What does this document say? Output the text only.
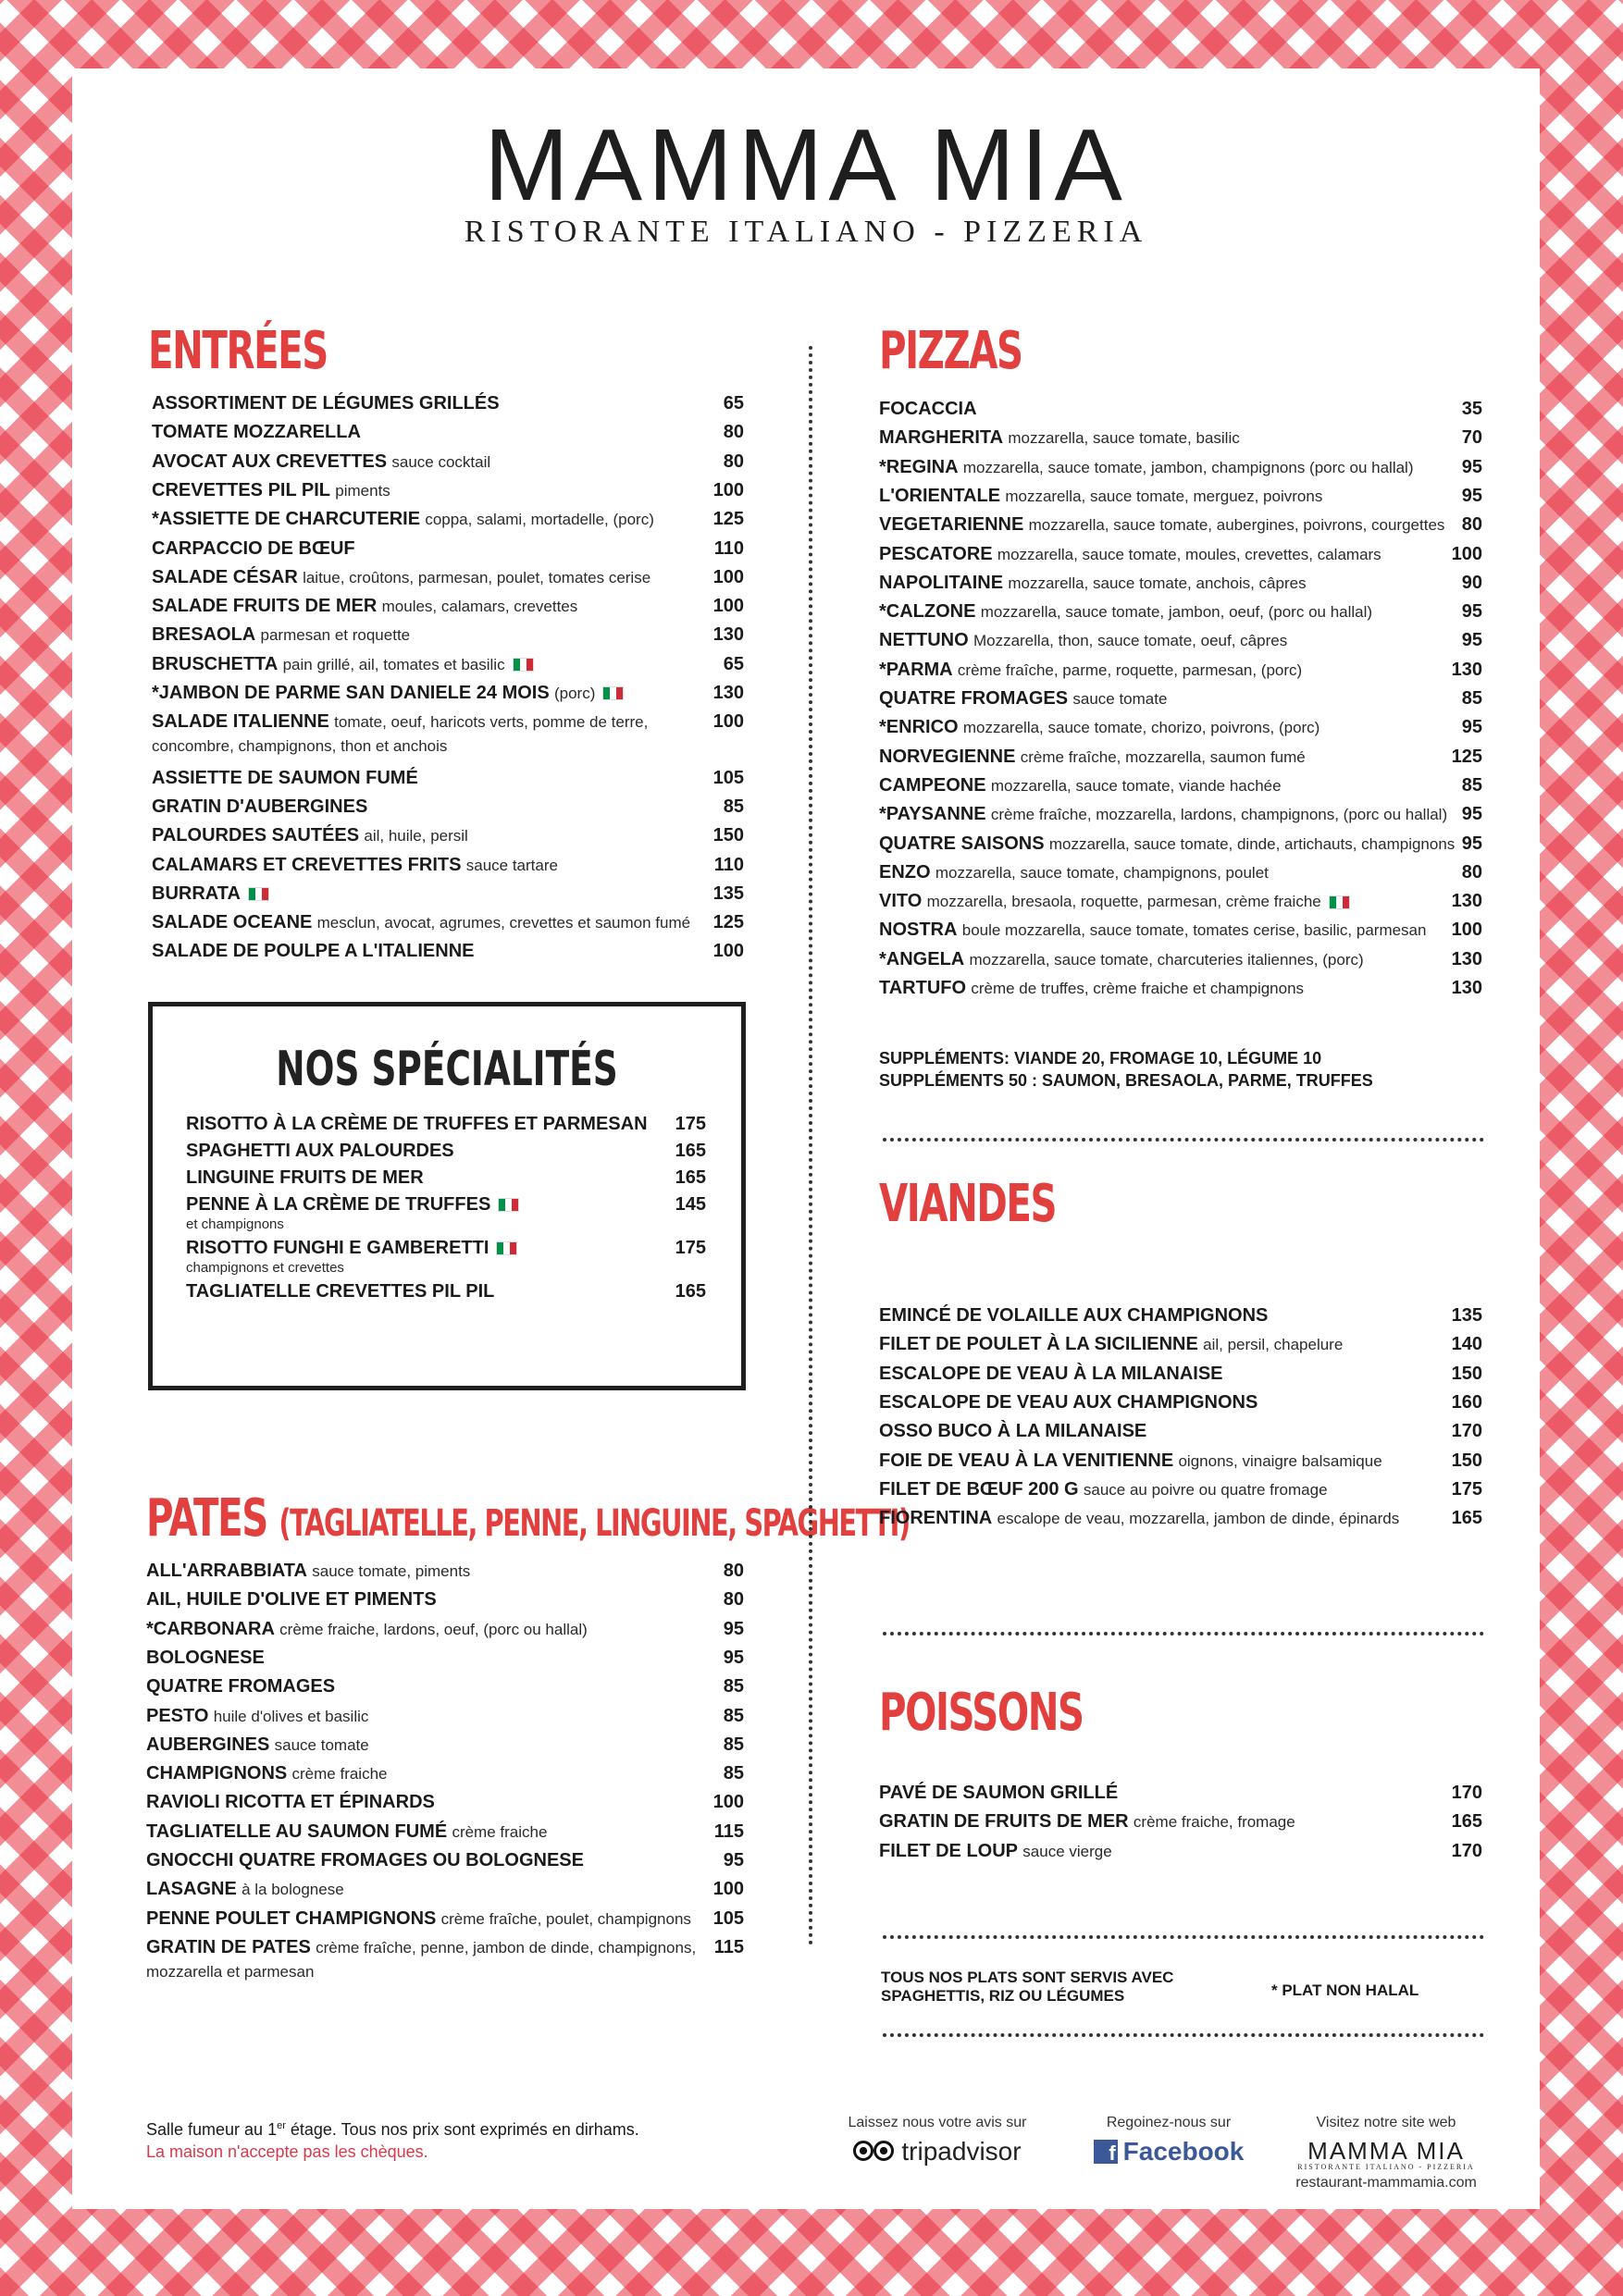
MAMMA MIA
RISTORANTE ITALIANO - PIZZERIA
ENTRÉES
ASSORTIMENT DE LÉGUMES GRILLÉS	65
TOMATE MOZZARELLA	80
AVOCAT AUX CREVETTES sauce cocktail	80
CREVETTES PIL PIL piments	100
*ASSIETTE DE CHARCUTERIE coppa, salami, mortadelle, (porc)	125
CARPACCIO DE BŒUF	110
SALADE CÉSAR laitue, croûtons, parmesan, poulet, tomates cerise	100
SALADE FRUITS DE MER moules, calamars, crevettes	100
BRESAOLA parmesan et roquette	130
BRUSCHETTA pain grillé, ail, tomates et basilic	65
*JAMBON DE PARME SAN DANIELE 24 MOIS (porc)	130
SALADE ITALIENNE tomate, oeuf, haricots verts, pomme de terre,	100
concombre, champignons, thon et anchois
ASSIETTE DE SAUMON FUMÉ	105
GRATIN D'AUBERGINES	85
PALOURDES SAUTÉES ail, huile, persil	150
CALAMARS ET CREVETTES FRITS sauce tartare	110
BURRATA	135
SALADE OCEANE mesclun, avocat, agrumes, crevettes et saumon fumé 125
SALADE DE POULPE A L'ITALIENNE	100
NOS SPÉCIALITÉS
RISOTTO À LA CRÈME DE TRUFFES ET PARMESAN 175
SPAGHETTI AUX PALOURDES	165
LINGUINE FRUITS DE MER	165
PENNE À LA CRÈME DE TRUFFES	145
et champignons
RISOTTO FUNGHI E GAMBERETTI	175
champignons et crevettes
TAGLIATELLE CREVETTES PIL PIL	165
PATES (TAGLIATELLE, PENNE, LINGUINE, SPAGHETTI)
ALL'ARRABBIATA sauce tomate, piments	80
AIL, HUILE D'OLIVE ET PIMENTS	80
*CARBONARA crème fraiche, lardons, oeuf, (porc ou hallal)	95
BOLOGNESE	95
QUATRE FROMAGES	85
PESTO huile d'olives et basilic	85
AUBERGINES sauce tomate	85
CHAMPIGNONS crème fraiche	85
RAVIOLI RICOTTA ET ÉPINARDS	100
TAGLIATELLE AU SAUMON FUMÉ crème fraiche	115
GNOCCHI QUATRE FROMAGES OU BOLOGNESE	95
LASAGNE à la bolognese	100
PENNE POULET CHAMPIGNONS crème fraîche, poulet, champignons 105
GRATIN DE PATES crème fraîche, penne, jambon de dinde, champignons, 115
mozzarella et parmesan
PIZZAS
FOCACCIA	35
MARGHERITA mozzarella, sauce tomate, basilic	70
*REGINA mozzarella, sauce tomate, jambon, champignons (porc ou hallal)	95
L'ORIENTALE mozzarella, sauce tomate, merguez, poivrons	95
VEGETARIENNE mozzarella, sauce tomate, aubergines, poivrons, courgettes 80
PESCATORE mozzarella, sauce tomate, moules, crevettes, calamars	100
NAPOLITAINE mozzarella, sauce tomate, anchois, câpres	90
*CALZONE mozzarella, sauce tomate, jambon, oeuf, (porc ou hallal)	95
NETTUNO Mozzarella, thon, sauce tomate, oeuf, câpres	95
*PARMA crème fraîche, parme, roquette, parmesan, (porc)	130
QUATRE FROMAGES sauce tomate	85
*ENRICO mozzarella, sauce tomate, chorizo, poivrons, (porc)	95
NORVEGIENNE crème fraîche, mozzarella, saumon fumé	125
CAMPEONE mozzarella, sauce tomate, viande hachée	85
*PAYSANNE crème fraîche, mozzarella, lardons, champignons, (porc ou hallal) 95
QUATRE SAISONS mozzarella, sauce tomate, dinde, artichauts, champignons 95
ENZO mozzarella, sauce tomate, champignons, poulet	80
VITO mozzarella, bresaola, roquette, parmesan, crème fraiche	130
NOSTRA boule mozzarella, sauce tomate, tomates cerise, basilic, parmesan 100
*ANGELA mozzarella, sauce tomate, charcuteries italiennes, (porc)	130
TARTUFO crème de truffes, crème fraiche et champignons	130
SUPPLÉMENTS: VIANDE 20, FROMAGE 10, LÉGUME 10
SUPPLÉMENTS 50 : SAUMON, BRESAOLA, PARME, TRUFFES
VIANDES
EMINCÉ DE VOLAILLE AUX CHAMPIGNONS	135
FILET DE POULET À LA SICILIENNE ail, persil, chapelure	140
ESCALOPE DE VEAU À LA MILANAISE	150
ESCALOPE DE VEAU AUX CHAMPIGNONS	160
OSSO BUCO À LA MILANAISE	170
FOIE DE VEAU À LA VENITIENNE oignons, vinaigre balsamique	150
FILET DE BŒUF 200 G sauce au poivre ou quatre fromage	175
FIORENTINA escalope de veau, mozzarella, jambon de dinde, épinards	165
POISSONS
PAVÉ DE SAUMON GRILLÉ	170
GRATIN DE FRUITS DE MER crème fraiche, fromage	165
FILET DE LOUP sauce vierge	170
TOUS NOS PLATS SONT SERVIS AVEC
SPAGHETTIS, RIZ OU LÉGUMES	* PLAT NON HALAL
Salle fumeur au 1er étage. Tous nos prix sont exprimés en dirhams.
La maison n'accepte pas les chèques.
Laissez nous votre avis sur
tripadvisor
Regoinez-nous sur
f Facebook
Visitez notre site web
MAMMA MIA
RISTORANTE ITALIANO - PIZZERIA
restaurant-mammamia.com
